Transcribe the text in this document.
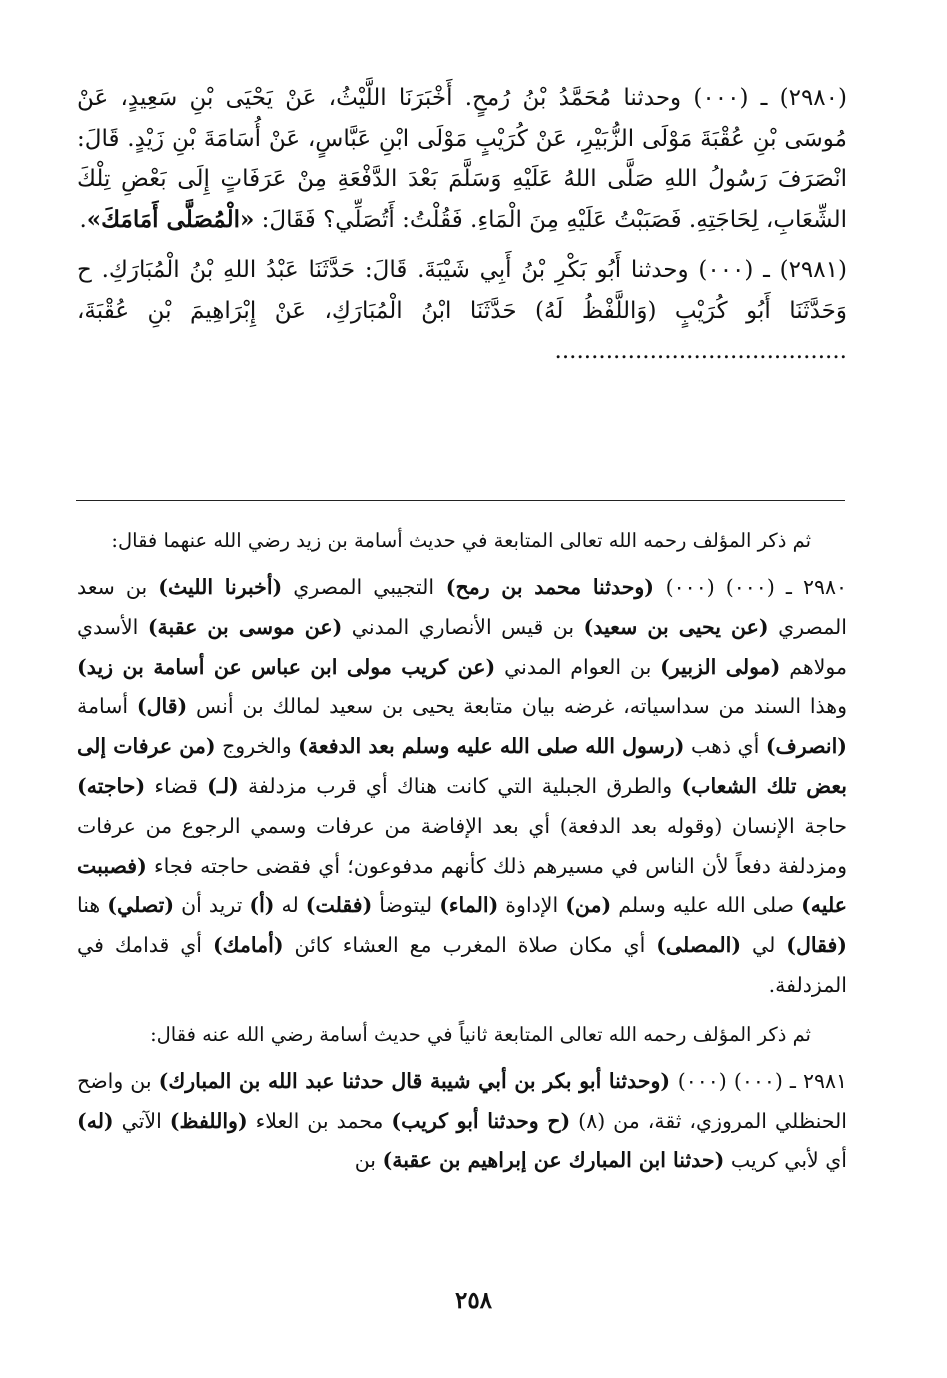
(٢٩٨٠) ـ (٠٠٠) وحدثنا مُحَمَّدُ بْنُ رُمحٍ. أَخْبَرَنَا اللَّيْثُ، عَنْ يَحْيَى بْنِ سَعِيدٍ، عَنْ مُوسَى بْنِ عُقْبَةَ مَوْلَى الزُّبَيْرِ، عَنْ كُرَيْبٍ مَوْلَى ابْنِ عَبَّاسٍ، عَنْ أُسَامَةَ بْنِ زَيْدٍ. قَالَ: انْصَرَفَ رَسُولُ اللهِ صَلَّى اللهُ عَلَيْهِ وَسَلَّمَ بَعْدَ الدَّفْعَةِ مِنْ عَرَفَاتٍ إِلَى بَعْضِ تِلْكَ الشِّعَابِ، لِحَاجَتِهِ. فَصَبَبْتُ عَلَيْهِ مِنَ الْمَاءِ. فَقُلْتُ: أَتُصَلِّي؟ فَقَالَ: «الْمُصَلَّى أَمَامَكَ».

(٢٩٨١) ـ (٠٠٠) وحدثنا أَبُو بَكْرِ بْنُ أَبِي شَيْبَةَ. قَالَ: حَدَّثَنَا عَبْدُ اللهِ بْنُ الْمُبَارَكِ. ح وَحَدَّثَنَا أَبُو كُرَيْبٍ (وَاللَّفْظُ لَهُ) حَدَّثَنَا ابْنُ الْمُبَارَكِ، عَنْ إِبْرَاهِيمَ بْنِ عُقْبَةَ، ........................................

ثم ذكر المؤلف رحمه الله تعالى المتابعة في حديث أسامة بن زيد رضي الله عنهما فقال:

٢٩٨٠ ـ (٠٠٠) (٠٠٠) (وحدثنا محمد بن رمح) التجيبي المصري (أخبرنا الليث) بن سعد المصري (عن يحيى بن سعيد) بن قيس الأنصاري المدني (عن موسى بن عقبة) الأسدي مولاهم (مولى الزبير) بن العوام المدني (عن كريب مولى ابن عباس عن أسامة بن زيد) وهذا السند من سداسياته، غرضه بيان متابعة يحيى بن سعيد لمالك بن أنس (قال) أسامة (انصرف) أي ذهب (رسول الله صلى الله عليه وسلم بعد الدفعة) والخروج (من عرفات إلى بعض تلك الشعاب) والطرق الجبلية التي كانت هناك أي قرب مزدلفة (لـ) قضاء (حاجته) حاجة الإنسان (وقوله بعد الدفعة) أي بعد الإفاضة من عرفات وسمي الرجوع من عرفات ومزدلفة دفعاً لأن الناس في مسيرهم ذلك كأنهم مدفوعون؛ أي فقضى حاجته فجاء (فصببت عليه) صلى الله عليه وسلم (من) الإداوة (الماء) ليتوضأ (فقلت) له (أ) تريد أن (تصلي) هنا (فقال) لي (المصلى) أي مكان صلاة المغرب مع العشاء كائن (أمامك) أي قدامك في المزدلفة.

ثم ذكر المؤلف رحمه الله تعالى المتابعة ثانياً في حديث أسامة رضي الله عنه فقال:

٢٩٨١ ـ (٠٠٠) (٠٠٠) (وحدثنا أبو بكر بن أبي شيبة قال حدثنا عبد الله بن المبارك) بن واضح الحنظلي المروزي، ثقة، من (٨) (ح وحدثنا أبو كريب) محمد بن العلاء (واللفظ) الآتي (له) أي لأبي كريب (حدثنا ابن المبارك عن إبراهيم بن عقبة) بن

٢٥٨
